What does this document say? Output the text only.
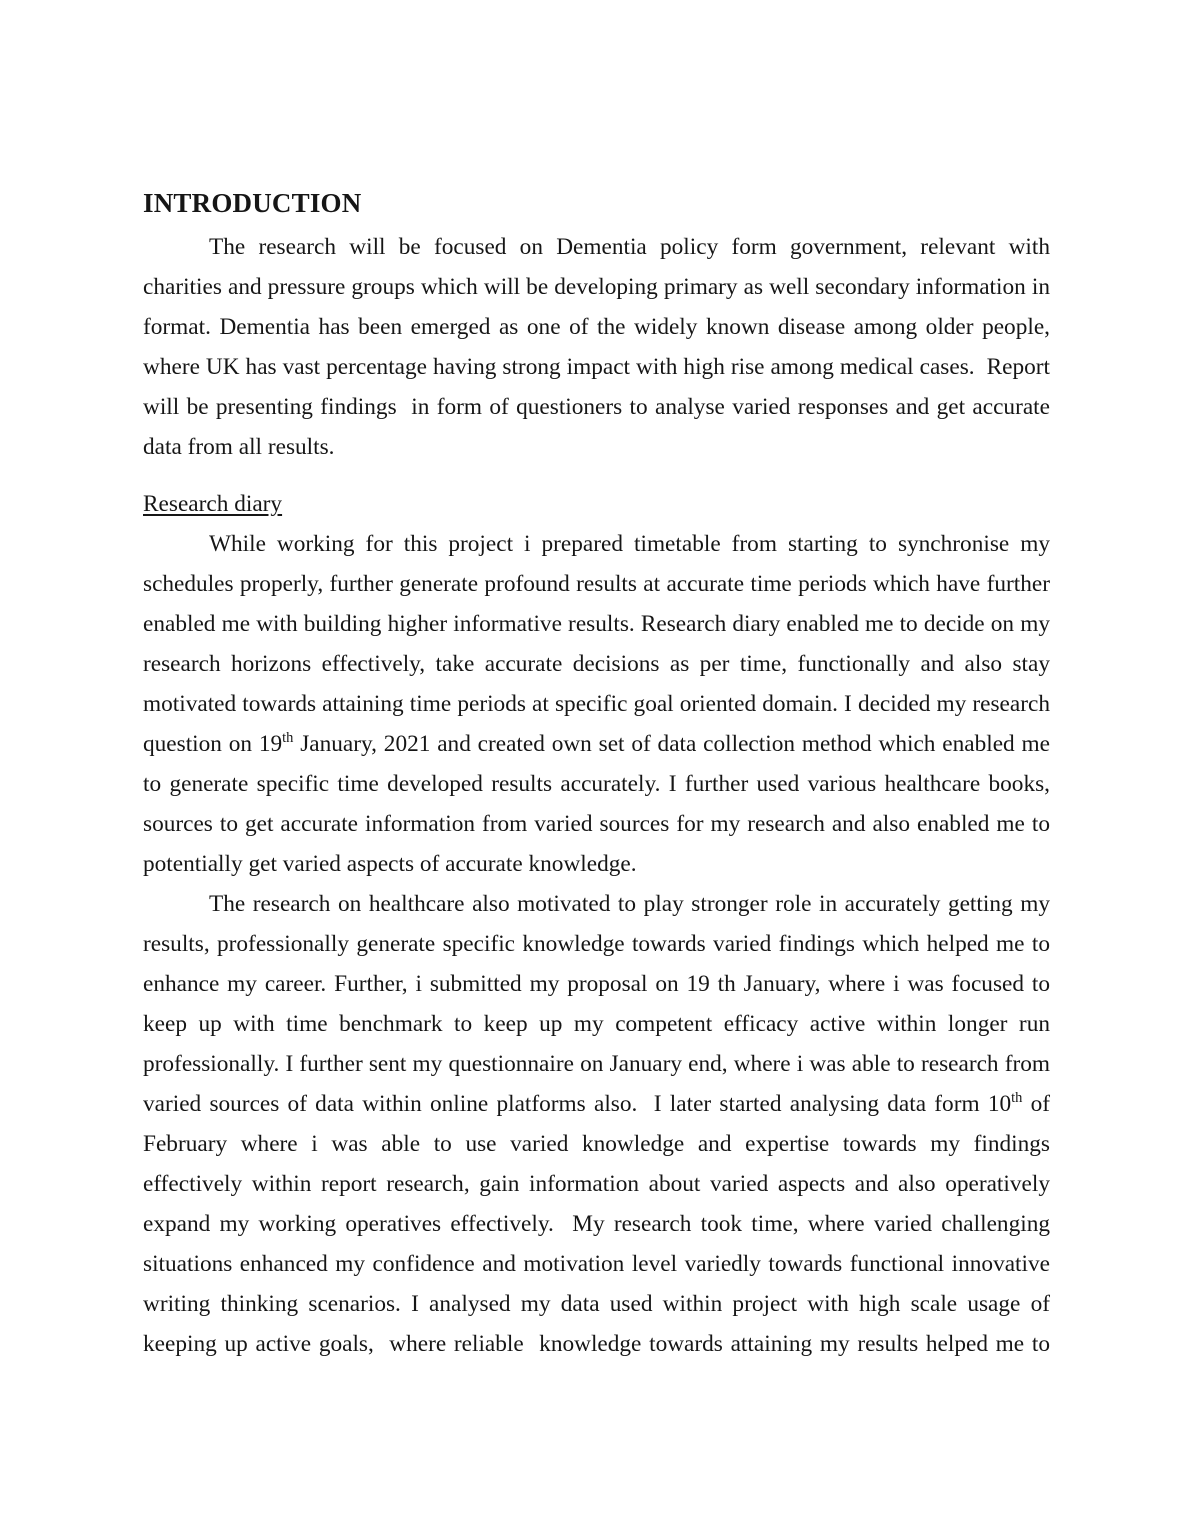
INTRODUCTION
The research will be focused on Dementia policy form government, relevant with
charities and pressure groups which will be developing primary as well secondary information in
format. Dementia has been emerged as one of the widely known disease among older people,
where UK has vast percentage having strong impact with high rise among medical cases.  Report
will be presenting findings  in form of questioners to analyse varied responses and get accurate
data from all results.
Research diary
While working for this project i prepared timetable from starting to synchronise my
schedules properly, further generate profound results at accurate time periods which have further
enabled me with building higher informative results. Research diary enabled me to decide on my
research horizons effectively, take accurate decisions as per time, functionally and also stay
motivated towards attaining time periods at specific goal oriented domain. I decided my research
question on 19th January, 2021 and created own set of data collection method which enabled me
to generate specific time developed results accurately. I further used various healthcare books,
sources to get accurate information from varied sources for my research and also enabled me to
potentially get varied aspects of accurate knowledge.
The research on healthcare also motivated to play stronger role in accurately getting my
results, professionally generate specific knowledge towards varied findings which helped me to
enhance my career. Further, i submitted my proposal on 19 th January, where i was focused to
keep up with time benchmark to keep up my competent efficacy active within longer run
professionally. I further sent my questionnaire on January end, where i was able to research from
varied sources of data within online platforms also.  I later started analysing data form 10th of
February where i was able to use varied knowledge and expertise towards my findings
effectively within report research, gain information about varied aspects and also operatively
expand my working operatives effectively.  My research took time, where varied challenging
situations enhanced my confidence and motivation level variedly towards functional innovative
writing thinking scenarios. I analysed my data used within project with high scale usage of
keeping up active goals,  where reliable  knowledge towards attaining my results helped me to
